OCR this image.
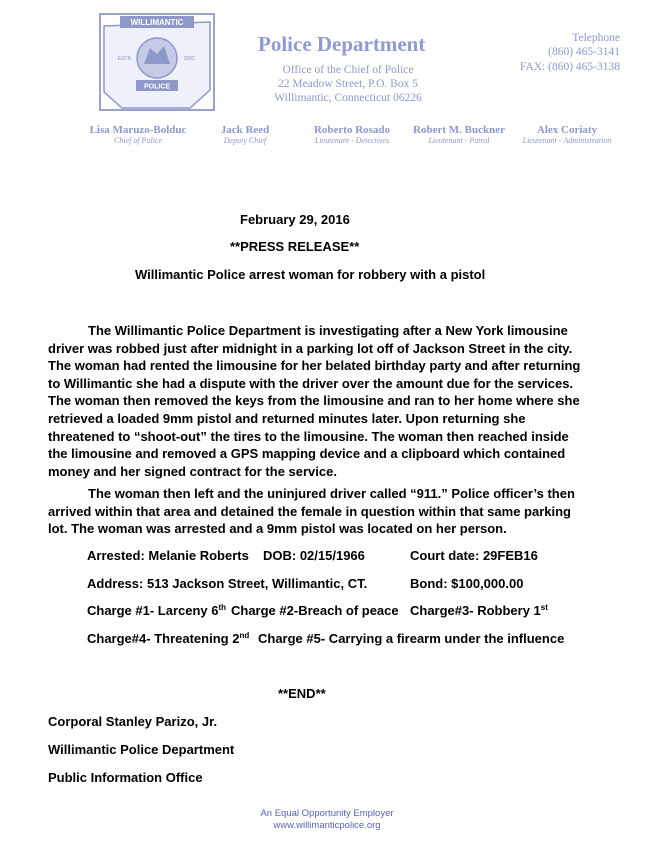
WILLIMANTIC
POLICE
ESTB.	1893
Police Department
Office of the Chief of Police
22 Meadow Street, P.O. Box 5
Willimantic, Connecticut 06226
Telephone
(860) 465-3141
FAX: (860) 465-3138
Lisa Maruzo-Bolduc
Chief of Police
Jack Reed
Deputy Chief
Roberto Rosado
Lieutenant - Detectives
Robert M. Buckner
Lieutenant - Patrol
Alex Coriaty
Lieutenant - Administration
February 29, 2016
**PRESS RELEASE**
Willimantic Police arrest woman for robbery with a pistol

The Willimantic Police Department is investigating after a New York limousine driver was robbed just after midnight in a parking lot off of Jackson Street in the city. The woman had rented the limousine for her belated birthday party and after returning to Willimantic she had a dispute with the driver over the amount due for the services. The woman then removed the keys from the limousine and ran to her home where she retrieved a loaded 9mm pistol and returned minutes later. Upon returning she threatened to “shoot-out” the tires to the limousine. The woman then reached inside the limousine and removed a GPS mapping device and a clipboard which contained money and her signed contract for the service.

The woman then left and the uninjured driver called “911.” Police officer’s then arrived within that area and detained the female in question within that same parking lot. The woman was arrested and a 9mm pistol was located on her person.

Arrested: Melanie Roberts DOB: 02/15/1966	Court date: 29FEB16
Address: 513 Jackson Street, Willimantic, CT.	Bond: $100,000.00
Charge #1- Larceny 6th Charge #2-Breach of peace Charge#3- Robbery 1st
Charge#4- Threatening 2nd Charge #5- Carrying a firearm under the influence
**END**
Corporal Stanley Parizo, Jr.
Willimantic Police Department
Public Information Office
An Equal Opportunity Employer
www.willimanticpolice.org
